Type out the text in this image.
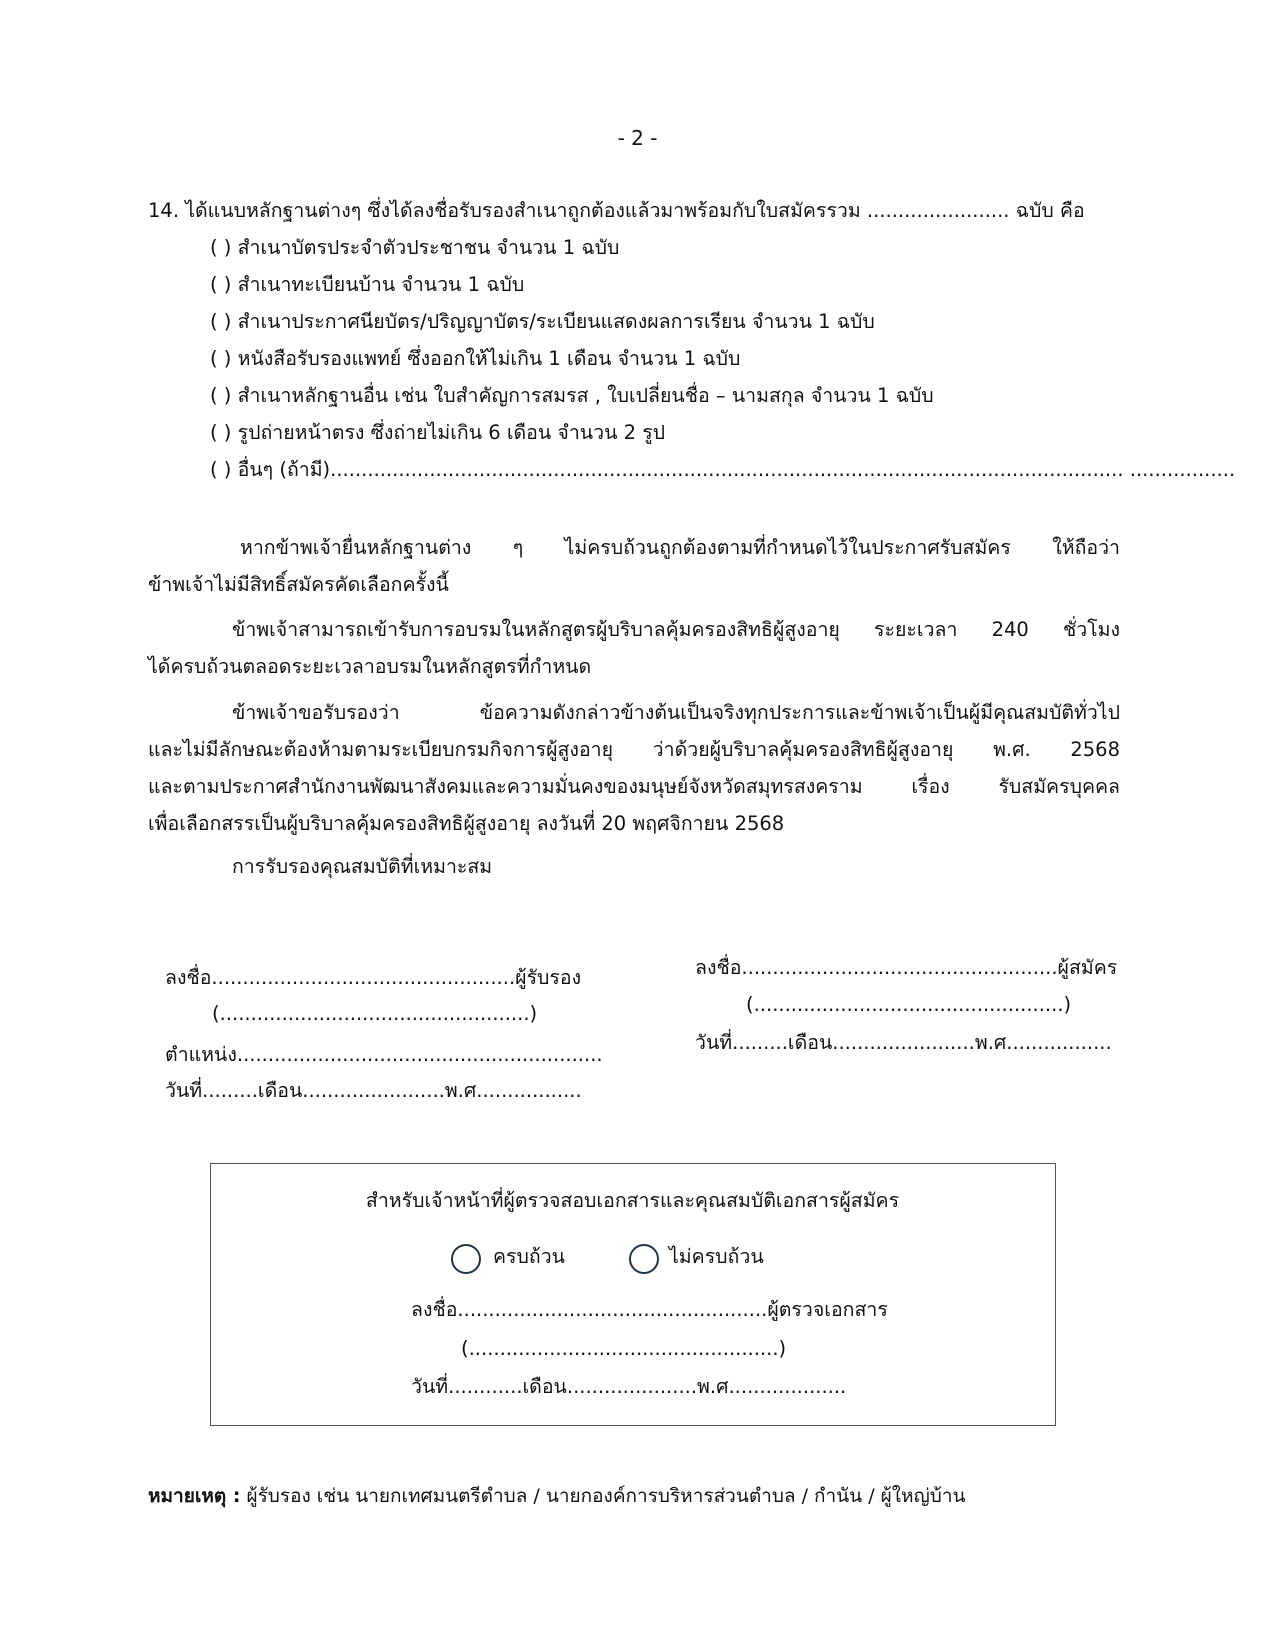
- 2 -
14. ได้แนบหลักฐานต่างๆ ซึ่งได้ลงชื่อรับรองสำเนาถูกต้องแล้วมาพร้อมกับใบสมัครรวม ....................... ฉบับ คือ
( ) สำเนาบัตรประจำตัวประชาชน จำนวน 1 ฉบับ
( ) สำเนาทะเบียนบ้าน จำนวน 1 ฉบับ
( ) สำเนาประกาศนียบัตร/ปริญญาบัตร/ระเบียนแสดงผลการเรียน จำนวน 1 ฉบับ
( ) หนังสือรับรองแพทย์ ซึ่งออกให้ไม่เกิน 1 เดือน จำนวน 1 ฉบับ
( ) สำเนาหลักฐานอื่น เช่น ใบสำคัญการสมรส , ใบเปลี่ยนชื่อ – นามสกุล จำนวน 1 ฉบับ
( ) รูปถ่ายหน้าตรง ซึ่งถ่ายไม่เกิน 6 เดือน จำนวน 2 รูป
( ) อื่นๆ (ถ้ามี)................................................................................................................................ .................
หากข้าพเจ้ายื่นหลักฐานต่าง ๆ ไม่ครบถ้วนถูกต้องตามที่กำหนดไว้ในประกาศรับสมัคร ให้ถือว่า
ข้าพเจ้าไม่มีสิทธิ์สมัครคัดเลือกครั้งนี้
ข้าพเจ้าสามารถเข้ารับการอบรมในหลักสูตรผู้บริบาลคุ้มครองสิทธิผู้สูงอายุ ระยะเวลา 240 ชั่วโมง
ได้ครบถ้วนตลอดระยะเวลาอบรมในหลักสูตรที่กำหนด
ข้าพเจ้าขอรับรองว่า ข้อความดังกล่าวข้างต้นเป็นจริงทุกประการและข้าพเจ้าเป็นผู้มีคุณสมบัติทั่วไป
และไม่มีลักษณะต้องห้ามตามระเบียบกรมกิจการผู้สูงอายุ ว่าด้วยผู้บริบาลคุ้มครองสิทธิผู้สูงอายุ พ.ศ. 2568
และตามประกาศสำนักงานพัฒนาสังคมและความมั่นคงของมนุษย์จังหวัดสมุทรสงคราม เรื่อง รับสมัครบุคคล
เพื่อเลือกสรรเป็นผู้บริบาลคุ้มครองสิทธิผู้สูงอายุ ลงวันที่ 20 พฤศจิกายน 2568
การรับรองคุณสมบัติที่เหมาะสม
ลงชื่อ.................................................ผู้รับรอง
(..................................................)
ตำแหน่ง...........................................................
วันที่.........เดือน.......................พ.ศ.................
ลงชื่อ...................................................ผู้สมัคร
(..................................................)
วันที่.........เดือน.......................พ.ศ.................
สำหรับเจ้าหน้าที่ผู้ตรวจสอบเอกสารและคุณสมบัติเอกสารผู้สมัคร
ครบถ้วน	ไม่ครบถ้วน
ลงชื่อ..................................................ผู้ตรวจเอกสาร
(..................................................)
วันที่............เดือน.....................พ.ศ...................
หมายเหตุ : ผู้รับรอง เช่น นายกเทศมนตรีตำบล / นายกองค์การบริหารส่วนตำบล / กำนัน / ผู้ใหญ่บ้าน
